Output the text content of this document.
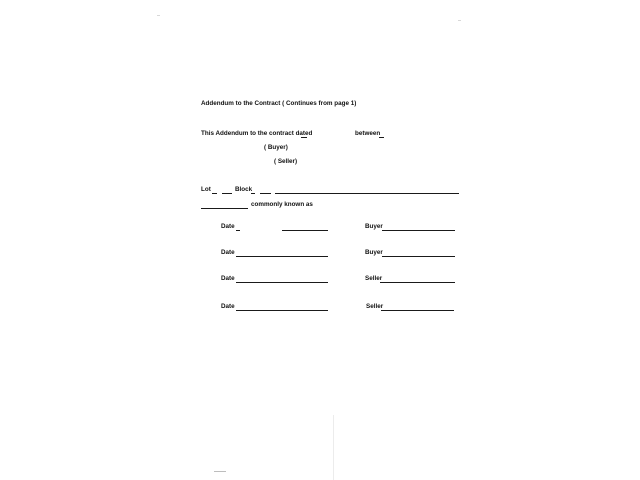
Addendum to the Contract ( Continues from page 1)
This Addendum to the contract dated	between
( Buyer)
( Seller)
Lot	Block
commonly known as
Date	Buyer
Date	Buyer
Date	Seller
Date	Seller
